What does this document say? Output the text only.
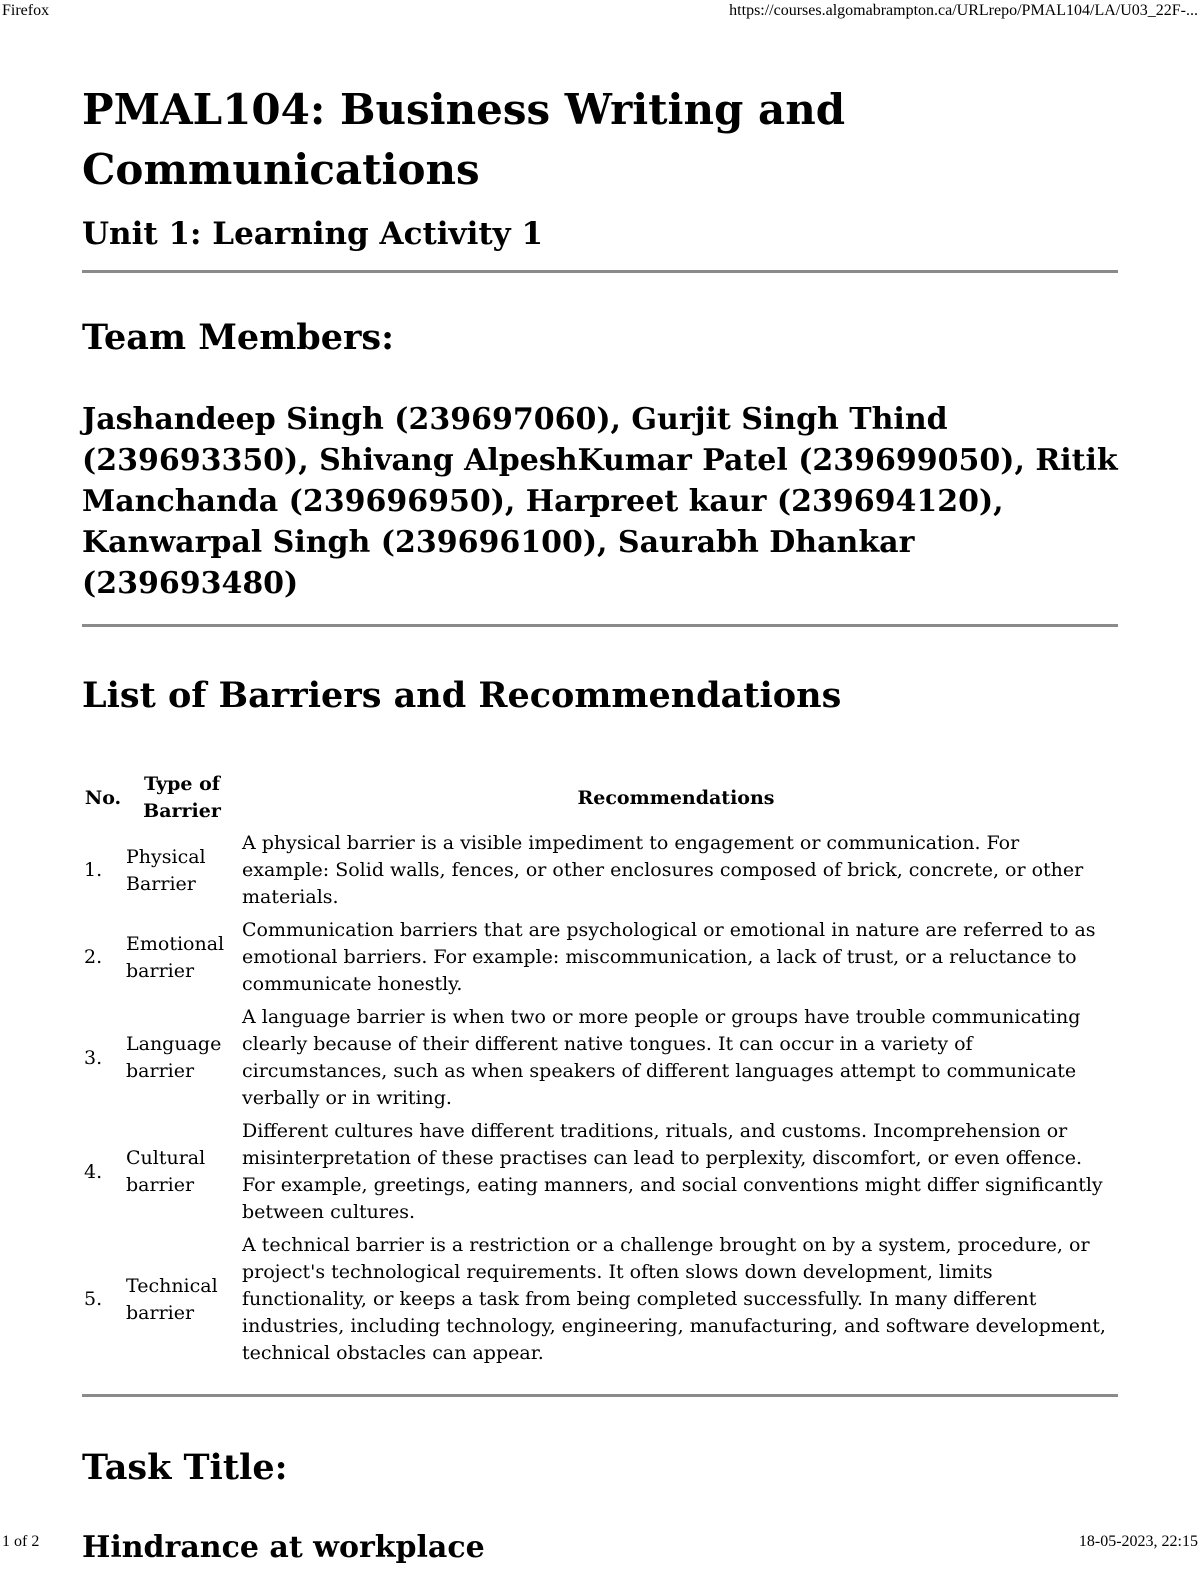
Firefox	https://courses.algomabrampton.ca/URLrepo/PMAL104/LA/U03_22F-...
PMAL104: Business Writing and Communications
Unit 1: Learning Activity 1
Team Members:

Jashandeep Singh (239697060), Gurjit Singh Thind (239693350), Shivang AlpeshKumar Patel (239699050), Ritik Manchanda (239696950), Harpreet kaur (239694120), Kanwarpal Singh (239696100), Saurabh Dhankar (239693480)

List of Barriers and Recommendations
No.	Type of Barrier	Recommendations
1.	Physical Barrier	A physical barrier is a visible impediment to engagement or communication. For example: Solid walls, fences, or other enclosures composed of brick, concrete, or other materials.
2.	Emotional barrier	Communication barriers that are psychological or emotional in nature are referred to as emotional barriers. For example: miscommunication, a lack of trust, or a reluctance to communicate honestly.
3.	Language barrier	A language barrier is when two or more people or groups have trouble communicating clearly because of their different native tongues. It can occur in a variety of circumstances, such as when speakers of different languages attempt to communicate verbally or in writing.
4.	Cultural barrier	Different cultures have different traditions, rituals, and customs. Incomprehension or misinterpretation of these practises can lead to perplexity, discomfort, or even offence. For example, greetings, eating manners, and social conventions might differ significantly between cultures.
5.	Technical barrier	A technical barrier is a restriction or a challenge brought on by a system, procedure, or project's technological requirements. It often slows down development, limits functionality, or keeps a task from being completed successfully. In many different industries, including technology, engineering, manufacturing, and software development, technical obstacles can appear.
Task Title:
Hindrance at workplace
1 of 2	18-05-2023, 22:15
